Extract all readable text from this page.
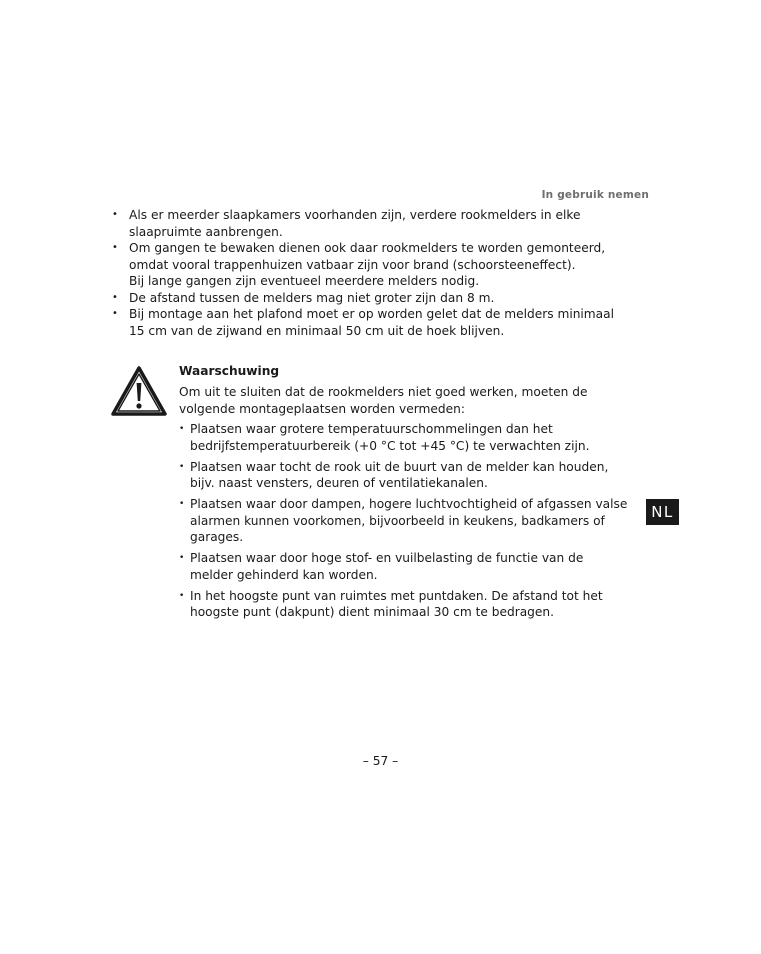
In gebruik nemen
• Als er meerder slaapkamers voorhanden zijn, verdere rookmelders in elke
slaapruimte aanbrengen.
• Om gangen te bewaken dienen ook daar rookmelders te worden gemonteerd,
omdat vooral trappenhuizen vatbaar zijn voor brand (schoorsteeneffect).
Bij lange gangen zijn eventueel meerdere melders nodig.
• De afstand tussen de melders mag niet groter zijn dan 8 m.
• Bij montage aan het plafond moet er op worden gelet dat de melders minimaal
15 cm van de zijwand en minimaal 50 cm uit de hoek blijven.
Waarschuwing
Om uit te sluiten dat de rookmelders niet goed werken, moeten de
volgende montageplaatsen worden vermeden:
• Plaatsen waar grotere temperatuurschommelingen dan het
bedrijfstemperatuurbereik (+0 °C tot +45 °C) te verwachten zijn.
• Plaatsen waar tocht de rook uit de buurt van de melder kan houden,
bijv. naast vensters, deuren of ventilatiekanalen.
• Plaatsen waar door dampen, hogere luchtvochtigheid of afgassen valse
alarmen kunnen voorkomen, bijvoorbeeld in keukens, badkamers of
garages.
• Plaatsen waar door hoge stof- en vuilbelasting de functie van de
melder gehinderd kan worden.
• In het hoogste punt van ruimtes met puntdaken. De afstand tot het
hoogste punt (dakpunt) dient minimaal 30 cm te bedragen.
NL
– 57 –
